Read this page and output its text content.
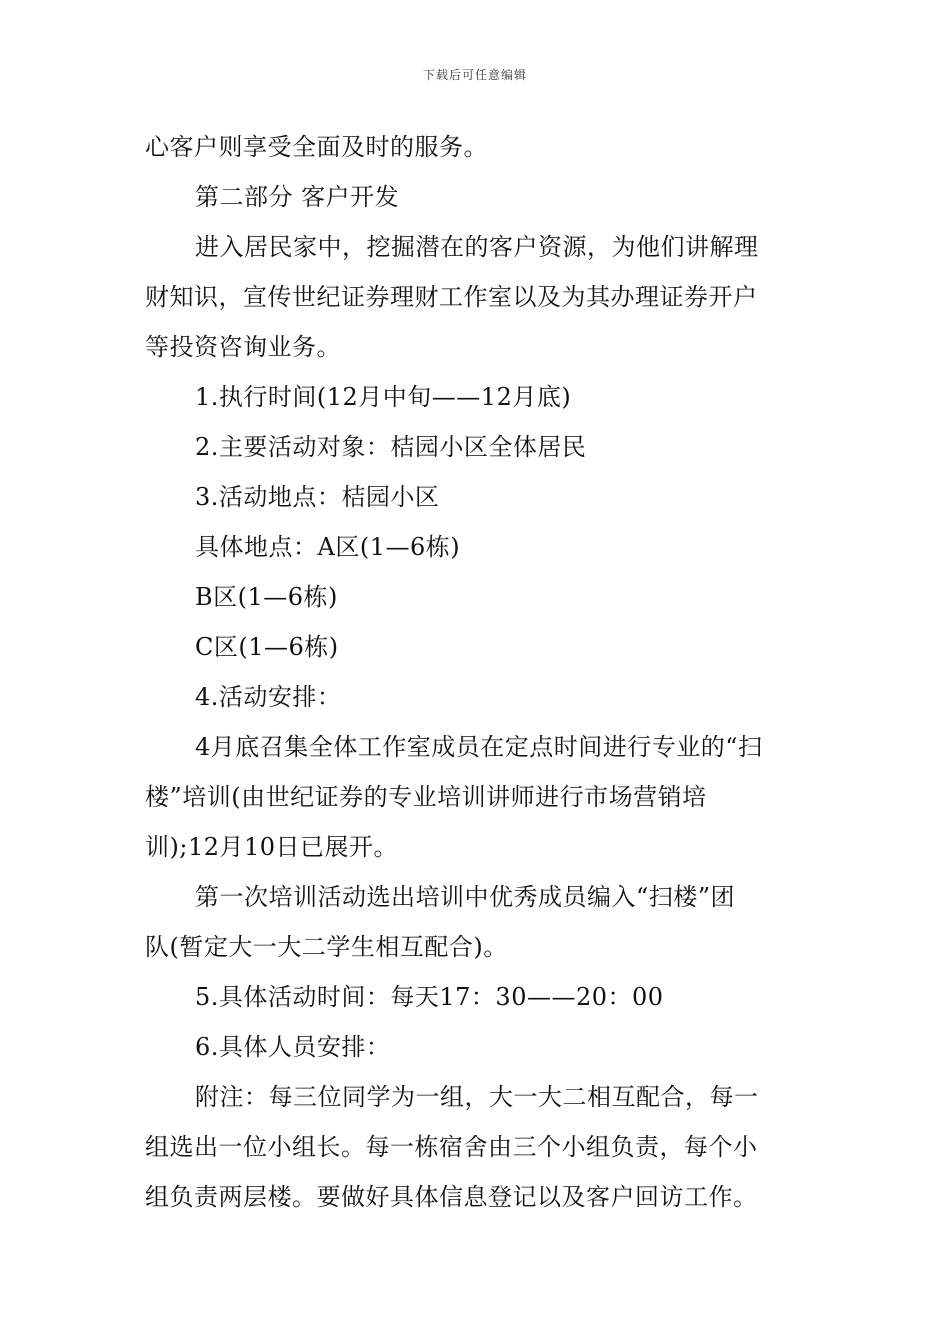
下载后可任意编辑
心客户则享受全面及时的服务。
第二部分 客户开发
进入居民家中，挖掘潜在的客户资源，为他们讲解理
财知识，宣传世纪证券理财工作室以及为其办理证券开户
等投资咨询业务。
1.执行时间(12月中旬——12月底)
2.主要活动对象：桔园小区全体居民
3.活动地点：桔园小区
具体地点：A区(1—6栋)
B区(1—6栋)
C区(1—6栋)
4.活动安排：
4月底召集全体工作室成员在定点时间进行专业的“扫
楼”培训(由世纪证券的专业培训讲师进行市场营销培
训);12月10日已展开。
第一次培训活动选出培训中优秀成员编入“扫楼”团
队(暂定大一大二学生相互配合)。
5.具体活动时间：每天17：30——20：00
6.具体人员安排：
附注：每三位同学为一组，大一大二相互配合，每一
组选出一位小组长。每一栋宿舍由三个小组负责，每个小
组负责两层楼。要做好具体信息登记以及客户回访工作。
